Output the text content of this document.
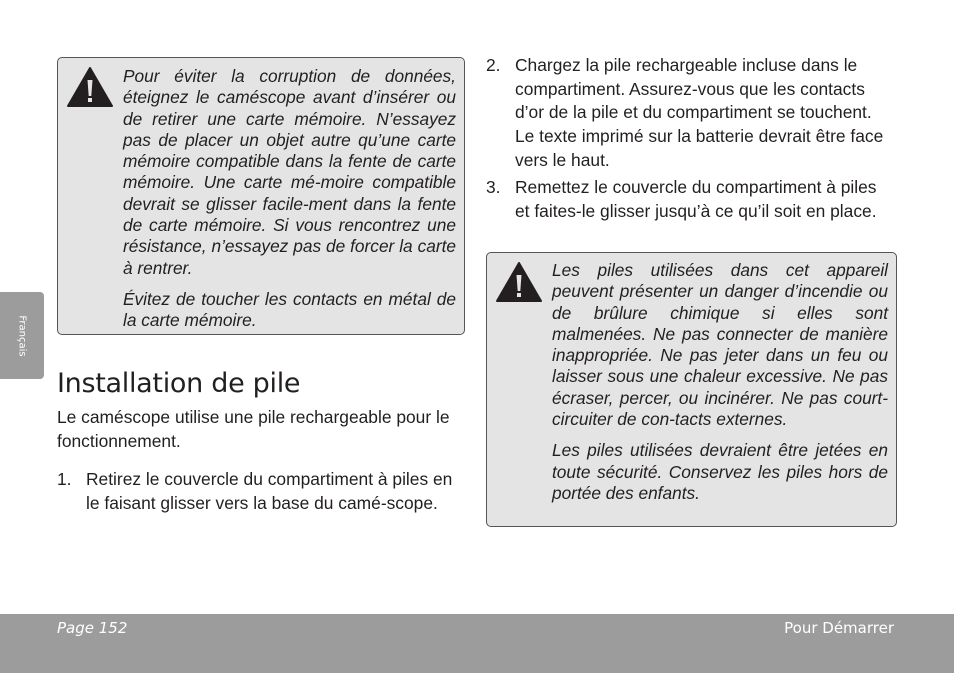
Français

Pour éviter la corruption de données, éteignez le caméscope avant d’insérer ou de retirer une carte mémoire. N’essayez pas de placer un objet autre qu’une carte mémoire compatible dans la fente de carte mémoire. Une carte mé-moire compatible devrait se glisser facile-ment dans la fente de carte mémoire. Si vous rencontrez une résistance, n’essayez pas de forcer la carte à rentrer.

Évitez de toucher les contacts en métal de la carte mémoire.

Installation de pile

Le caméscope utilise une pile rechargeable pour le fonctionnement.

1. Retirez le couvercle du compartiment à piles en le faisant glisser vers la base du camé-scope.
2. Chargez la pile rechargeable incluse dans le compartiment. Assurez-vous que les contacts d’or de la pile et du compartiment se touchent. Le texte imprimé sur la batterie devrait être face vers le haut.
3. Remettez le couvercle du compartiment à piles et faites-le glisser jusqu’à ce qu’il soit en place.

Les piles utilisées dans cet appareil peuvent présenter un danger d’incendie ou de brûlure chimique si elles sont malmenées. Ne pas connecter de manière inappropriée. Ne pas jeter dans un feu ou laisser sous une chaleur excessive. Ne pas écraser, percer, ou incinérer. Ne pas court-circuiter de con-tacts externes.

Les piles utilisées devraient être jetées en toute sécurité. Conservez les piles hors de portée des enfants.

Page 152	Pour Démarrer
